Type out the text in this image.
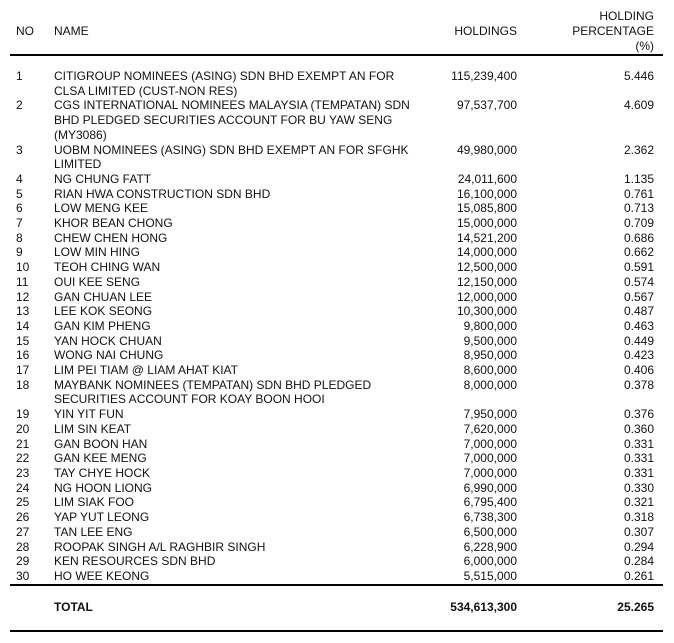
NO NAME	HOLDINGS
HOLDING
PERCENTAGE
(%)
1	CITIGROUP NOMINEES (ASING) SDN BHD EXEMPT AN FOR CLSA LIMITED (CUST-NON RES)
115,239,400	5.446
2	CGS INTERNATIONAL NOMINEES MALAYSIA (TEMPATAN) SDN BHD PLEDGED SECURITIES ACCOUNT FOR BU YAW SENG (MY3086)
97,537,700	4.609
3	UOBM NOMINEES (ASING) SDN BHD EXEMPT AN FOR SFGHK LIMITED
49,980,000	2.362
4	NG CHUNG FATT	24,011,600	1.135
5	RIAN HWA CONSTRUCTION SDN BHD	16,100,000	0.761
6	LOW MENG KEE	15,085,800	0.713
7	KHOR BEAN CHONG	15,000,000	0.709
8	CHEW CHEN HONG	14,521,200	0.686
9	LOW MIN HING	14,000,000	0.662
10 TEOH CHING WAN	12,500,000	0.591
11 OUI KEE SENG	12,150,000	0.574
12 GAN CHUAN LEE	12,000,000	0.567
13 LEE KOK SEONG	10,300,000	0.487
14 GAN KIM PHENG	9,800,000	0.463
15 YAN HOCK CHUAN	9,500,000	0.449
16 WONG NAI CHUNG	8,950,000	0.423
17 LIM PEI TIAM @ LIAM AHAT KIAT	8,600,000	0.406
18 MAYBANK NOMINEES (TEMPATAN) SDN BHD PLEDGED SECURITIES ACCOUNT FOR KOAY BOON HOOI
8,000,000	0.378
19 YIN YIT FUN	7,950,000	0.376
20 LIM SIN KEAT	7,620,000	0.360
21 GAN BOON HAN	7,000,000	0.331
22 GAN KEE MENG	7,000,000	0.331
23 TAY CHYE HOCK	7,000,000	0.331
24 NG HOON LIONG	6,990,000	0.330
25 LIM SIAK FOO	6,795,400	0.321
26 YAP YUT LEONG	6,738,300	0.318
27 TAN LEE ENG	6,500,000	0.307
28 ROOPAK SINGH A/L RAGHBIR SINGH	6,228,900	0.294
29 KEN RESOURCES SDN BHD	6,000,000	0.284
30 HO WEE KEONG	5,515,000	0.261
TOTAL	534,613,300	25.265
